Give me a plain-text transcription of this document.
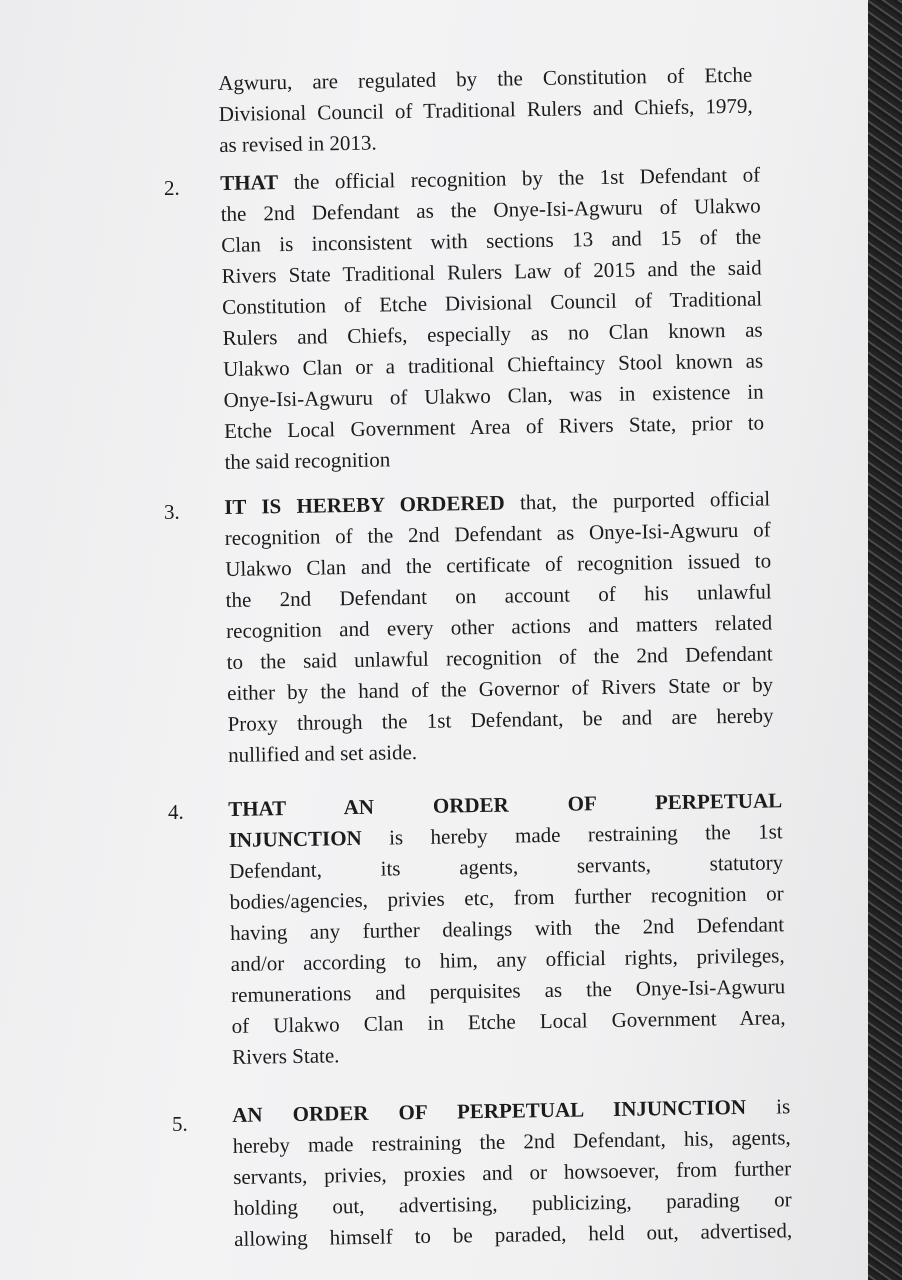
Agwuru, are regulated by the Constitution of Etche
Divisional Council of Traditional Rulers and Chiefs, 1979,
as revised in 2013.
2. THAT the official recognition by the 1st Defendant of
the 2nd Defendant as the Onye-Isi-Agwuru of Ulakwo
Clan is inconsistent with sections 13 and 15 of the
Rivers State Traditional Rulers Law of 2015 and the said
Constitution of Etche Divisional Council of Traditional
Rulers and Chiefs, especially as no Clan known as
Ulakwo Clan or a traditional Chieftaincy Stool known as
Onye-Isi-Agwuru of Ulakwo Clan, was in existence in
Etche Local Government Area of Rivers State, prior to
the said recognition
3. IT IS HEREBY ORDERED that, the purported official
recognition of the 2nd Defendant as Onye-Isi-Agwuru of
Ulakwo Clan and the certificate of recognition issued to
the 2nd Defendant on account of his unlawful
recognition and every other actions and matters related
to the said unlawful recognition of the 2nd Defendant
either by the hand of the Governor of Rivers State or by
Proxy through the 1st Defendant, be and are hereby
nullified and set aside.
4. THAT AN ORDER OF PERPETUAL
INJUNCTION is hereby made restraining the 1st
Defendant, its agents, servants, statutory
bodies/agencies, privies etc, from further recognition or
having any further dealings with the 2nd Defendant
and/or according to him, any official rights, privileges,
remunerations and perquisites as the Onye-Isi-Agwuru
of Ulakwo Clan in Etche Local Government Area,
Rivers State.
5. AN ORDER OF PERPETUAL INJUNCTION is
hereby made restraining the 2nd Defendant, his, agents,
servants, privies, proxies and or howsoever, from further
holding out, advertising, publicizing, parading or
allowing himself to be paraded, held out, advertised,
